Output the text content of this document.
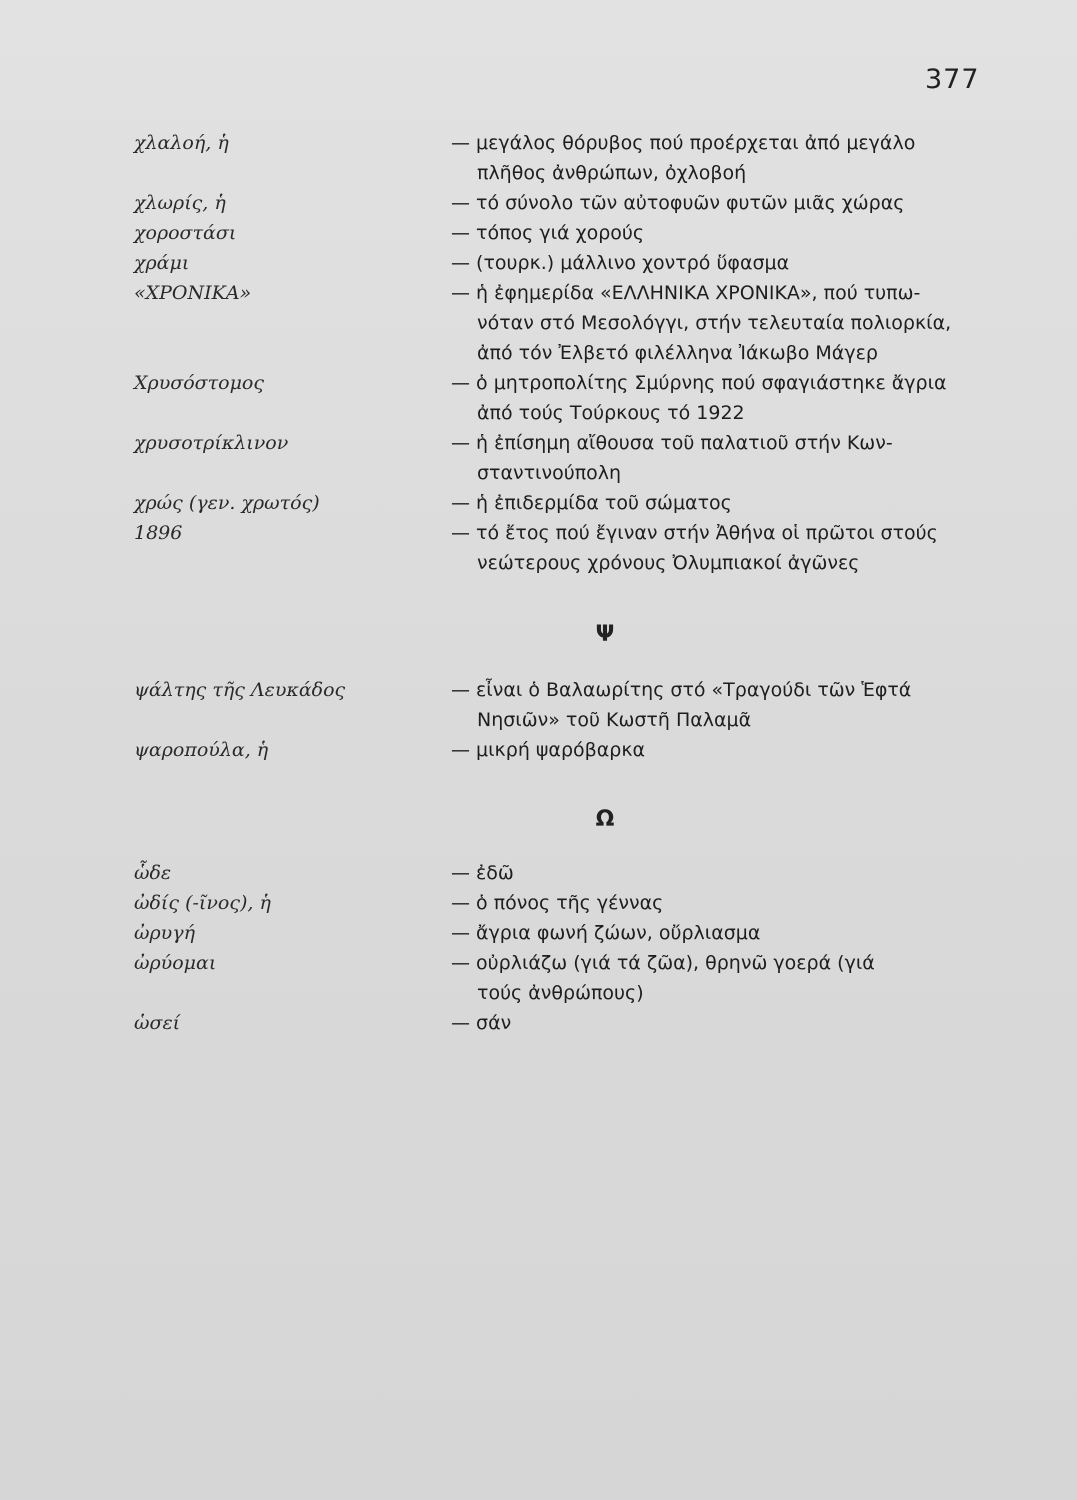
377
χλαλοή, ἡ	— μεγάλος θόρυβος πού προέρχεται ἀπό μεγάλο

πλῆθος ἀνθρώπων, ὀχλοβοή
χλωρίς, ἡ	— τό σύνολο τῶν αὐτοφυῶν φυτῶν μιᾶς χώρας
χοροστάσι	— τόπος γιά χορούς
χράμι	— (τουρκ.) μάλλινο χοντρό ὕφασμα
«ΧΡΟΝΙΚΑ»	— ἡ ἐφημερίδα «ΕΛΛΗΝΙΚΑ ΧΡΟΝΙΚΑ», πού τυπω-

νόταν στό Μεσολόγγι, στήν τελευταία πολιορκία,
ἀπό τόν Ἐλβετό φιλέλληνα Ἰάκωβο Μάγερ
Χρυσόστομος	— ὁ μητροπολίτης Σμύρνης πού σφαγιάστηκε ἄγρια

ἀπό τούς Τούρκους τό 1922
χρυσοτρίκλινον	— ἡ ἐπίσημη αἴθουσα τοῦ παλατιοῦ στήν Κων-

σταντινούπολη
χρώς (γεν. χρωτός)	— ἡ ἐπιδερμίδα τοῦ σώματος
1896	— τό ἔτος πού ἔγιναν στήν Ἀθήνα οἱ πρῶτοι στούς

νεώτερους χρόνους Ὀλυμπιακοί ἀγῶνες
Ψ
ψάλτης τῆς Λευκάδος	— εἶναι ὁ Βαλαωρίτης στό «Τραγούδι τῶν Ἑφτά

Νησιῶν» τοῦ Κωστῆ Παλαμᾶ
ψαροπούλα, ἡ	— μικρή ψαρόβαρκα
Ω
ὧδε	— ἐδῶ
ὠδίς (-ῖνος), ἡ	— ὁ πόνος τῆς γέννας
ὠρυγή	— ἄγρια φωνή ζώων, οὔρλιασμα
ὠρύομαι	— οὐρλιάζω (γιά τά ζῶα), θρηνῶ γοερά (γιά

τούς ἀνθρώπους)
ὡσεί	— σάν
